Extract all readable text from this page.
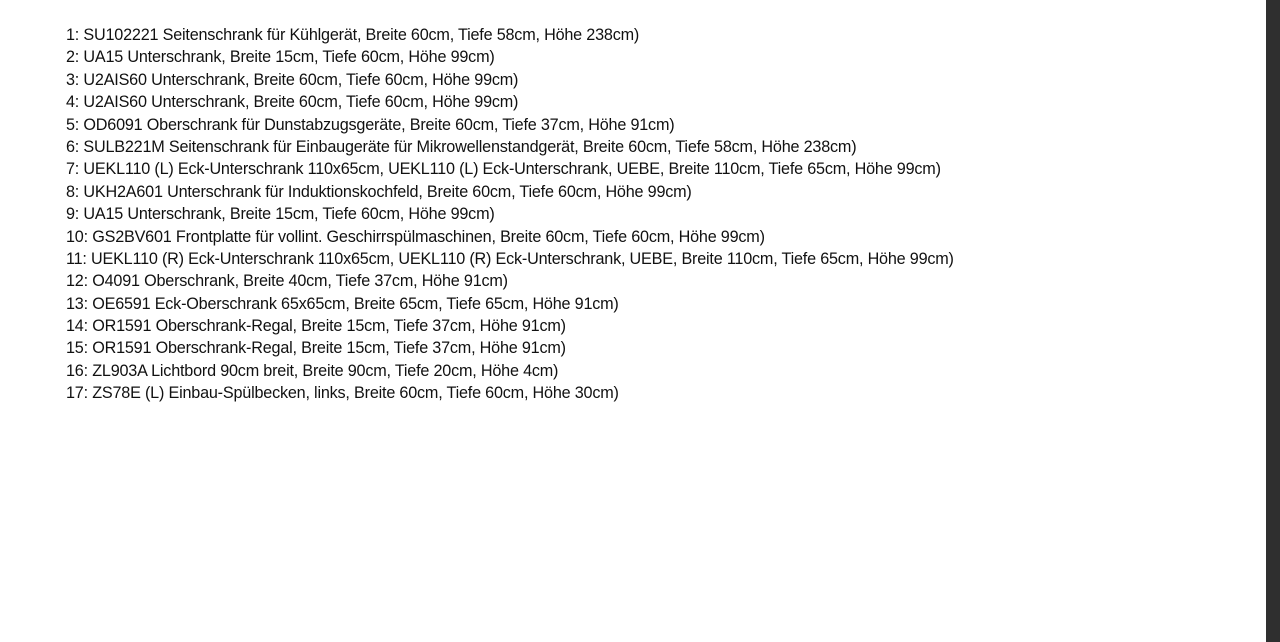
1: SU102221 Seitenschrank für Kühlgerät, Breite 60cm, Tiefe 58cm, Höhe 238cm)
2: UA15 Unterschrank, Breite 15cm, Tiefe 60cm, Höhe 99cm)
3: U2AIS60 Unterschrank, Breite 60cm, Tiefe 60cm, Höhe 99cm)
4: U2AIS60 Unterschrank, Breite 60cm, Tiefe 60cm, Höhe 99cm)
5: OD6091 Oberschrank für Dunstabzugsgeräte, Breite 60cm, Tiefe 37cm, Höhe 91cm)
6: SULB221M Seitenschrank für Einbaugeräte für Mikrowellenstandgerät, Breite 60cm, Tiefe 58cm, Höhe 238cm)
7: UEKL110 (L) Eck-Unterschrank 110x65cm, UEKL110 (L) Eck-Unterschrank, UEBE, Breite 110cm, Tiefe 65cm, Höhe 99cm)
8: UKH2A601 Unterschrank für Induktionskochfeld, Breite 60cm, Tiefe 60cm, Höhe 99cm)
9: UA15 Unterschrank, Breite 15cm, Tiefe 60cm, Höhe 99cm)
10: GS2BV601 Frontplatte für vollint. Geschirrspülmaschinen, Breite 60cm, Tiefe 60cm, Höhe 99cm)
11: UEKL110 (R) Eck-Unterschrank 110x65cm, UEKL110 (R) Eck-Unterschrank, UEBE, Breite 110cm, Tiefe 65cm, Höhe 99cm)
12: O4091 Oberschrank, Breite 40cm, Tiefe 37cm, Höhe 91cm)
13: OE6591 Eck-Oberschrank 65x65cm, Breite 65cm, Tiefe 65cm, Höhe 91cm)
14: OR1591 Oberschrank-Regal, Breite 15cm, Tiefe 37cm, Höhe 91cm)
15: OR1591 Oberschrank-Regal, Breite 15cm, Tiefe 37cm, Höhe 91cm)
16: ZL903A Lichtbord 90cm breit, Breite 90cm, Tiefe 20cm, Höhe 4cm)
17: ZS78E (L) Einbau-Spülbecken, links, Breite 60cm, Tiefe 60cm, Höhe 30cm)
